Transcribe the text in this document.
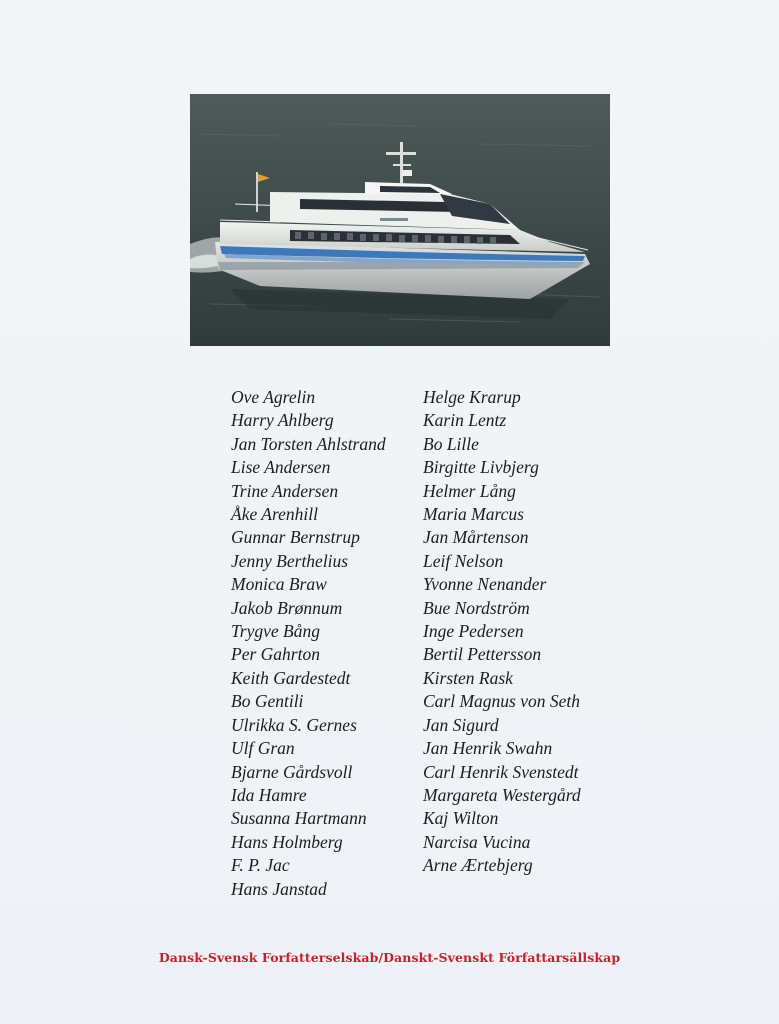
Ove Agrelin
Harry Ahlberg
Jan Torsten Ahlstrand
Lise Andersen
Trine Andersen
Åke Arenhill
Gunnar Bernstrup
Jenny Berthelius
Monica Braw
Jakob Brønnum
Trygve Bång
Per Gahrton
Keith Gardestedt
Bo Gentili
Ulrikka S. Gernes
Ulf Gran
Bjarne Gårdsvoll
Ida Hamre
Susanna Hartmann
Hans Holmberg
F. P. Jac
Hans Janstad
Helge Krarup
Karin Lentz
Bo Lille
Birgitte Livbjerg
Helmer Lång
Maria Marcus
Jan Mårtenson
Leif Nelson
Yvonne Nenander
Bue Nordström
Inge Pedersen
Bertil Pettersson
Kirsten Rask
Carl Magnus von Seth
Jan Sigurd
Jan Henrik Swahn
Carl Henrik Svenstedt
Margareta Westergård
Kaj Wilton
Narcisa Vucina
Arne Ærtebjerg
Dansk-Svensk Forfatterselskab/Danskt-Svenskt Författarsällskap
